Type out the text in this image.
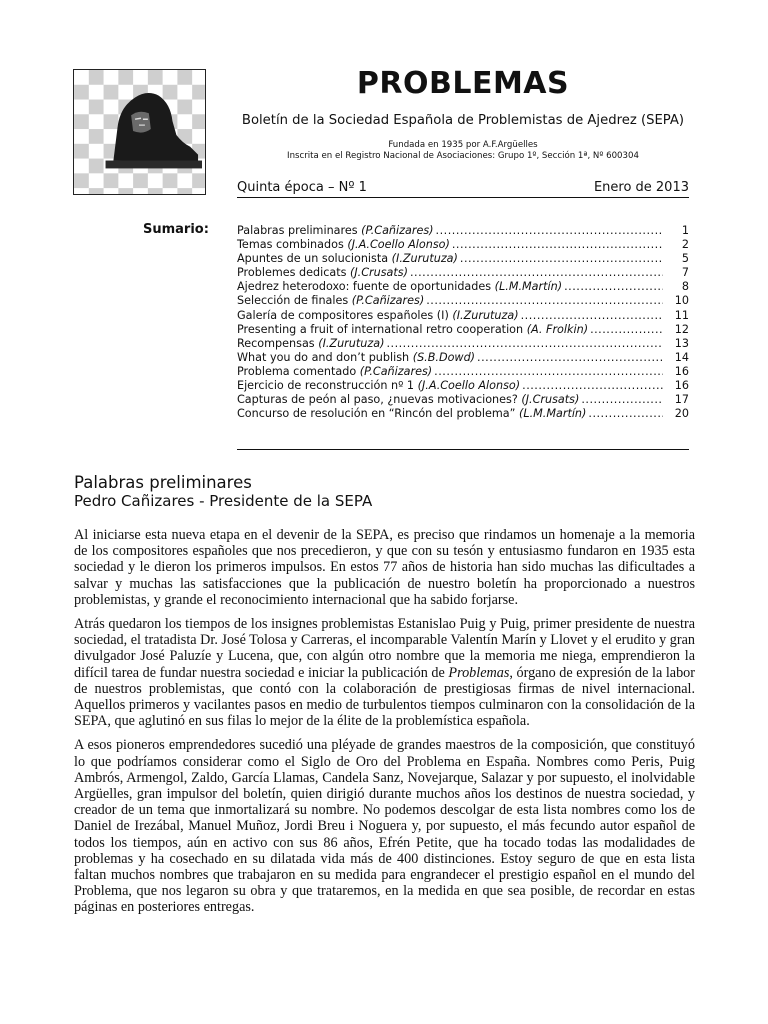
PROBLEMAS
Boletín de la Sociedad Española de Problemistas de Ajedrez (SEPA)
Fundada en 1935 por A.F.Argüelles
Inscrita en el Registro Nacional de Asociaciones: Grupo 1º, Sección 1ª, Nº 600304
Quinta época – Nº 1	Enero de 2013
Sumario:	Palabras preliminares (P.Cañizares) .....	1
Temas combinados (J.A.Coello Alonso) .....	2
Apuntes de un solucionista (I.Zurutuza) .....	5
Problemes dedicats (J.Crusats) .....	7
Ajedrez heterodoxo: fuente de oportunidades (L.M.Martín) .....	8
Selección de finales (P.Cañizares) .....	10
Galería de compositores españoles (I) (I.Zurutuza) .....	11
Presenting a fruit of international retro cooperation (A. Frolkin) .....	12
Recompensas (I.Zurutuza) .....	13
What you do and don’t publish (S.B.Dowd) .....	14
Problema comentado (P.Cañizares) .....	16
Ejercicio de reconstrucción nº 1 (J.A.Coello Alonso) .....	16
Capturas de peón al paso, ¿nuevas motivaciones? (J.Crusats) .....	17
Concurso de resolución en “Rincón del problema” (L.M.Martín) .....	20
Palabras preliminares
Pedro Cañizares - Presidente de la SEPA

Al iniciarse esta nueva etapa en el devenir de la SEPA, es preciso que rindamos un homenaje a la memoria de los compositores españoles que nos precedieron, y que con su tesón y entusiasmo fundaron en 1935 esta sociedad y le dieron los primeros impulsos. En estos 77 años de historia han sido muchas las dificultades a salvar y muchas las satisfacciones que la publicación de nuestro boletín ha proporcionado a nuestros problemistas, y grande el reconocimiento internacional que ha sabido forjarse.

Atrás quedaron los tiempos de los insignes problemistas Estanislao Puig y Puig, primer presidente de nuestra sociedad, el tratadista Dr. José Tolosa y Carreras, el incomparable Valentín Marín y Llovet y el erudito y gran divulgador José Paluzíe y Lucena, que, con algún otro nombre que la memoria me niega, emprendieron la difícil tarea de fundar nuestra sociedad e iniciar la publicación de Problemas, órgano de expresión de la labor de nuestros problemistas, que contó con la colaboración de prestigiosas firmas de nivel internacional. Aquellos primeros y vacilantes pasos en medio de turbulentos tiempos culminaron con la consolidación de la SEPA, que aglutinó en sus filas lo mejor de la élite de la problemística española.

A esos pioneros emprendedores sucedió una pléyade de grandes maestros de la composición, que constituyó lo que podríamos considerar como el Siglo de Oro del Problema en España. Nombres como Peris, Puig Ambrós, Armengol, Zaldo, García Llamas, Candela Sanz, Novejarque, Salazar y por supuesto, el inolvidable Argüelles, gran impulsor del boletín, quien dirigió durante muchos años los destinos de nuestra sociedad, y creador de un tema que inmortalizará su nombre. No podemos descolgar de esta lista nombres como los de Daniel de Irezábal, Manuel Muñoz, Jordi Breu i Noguera y, por supuesto, el más fecundo autor español de todos los tiempos, aún en activo con sus 86 años, Efrén Petite, que ha tocado todas las modalidades de problemas y ha cosechado en su dilatada vida más de 400 distinciones. Estoy seguro de que en esta lista faltan muchos nombres que trabajaron en su medida para engrandecer el prestigio español en el mundo del Problema, que nos legaron su obra y que trataremos, en la medida en que sea posible, de recordar en estas páginas en posteriores entregas.
